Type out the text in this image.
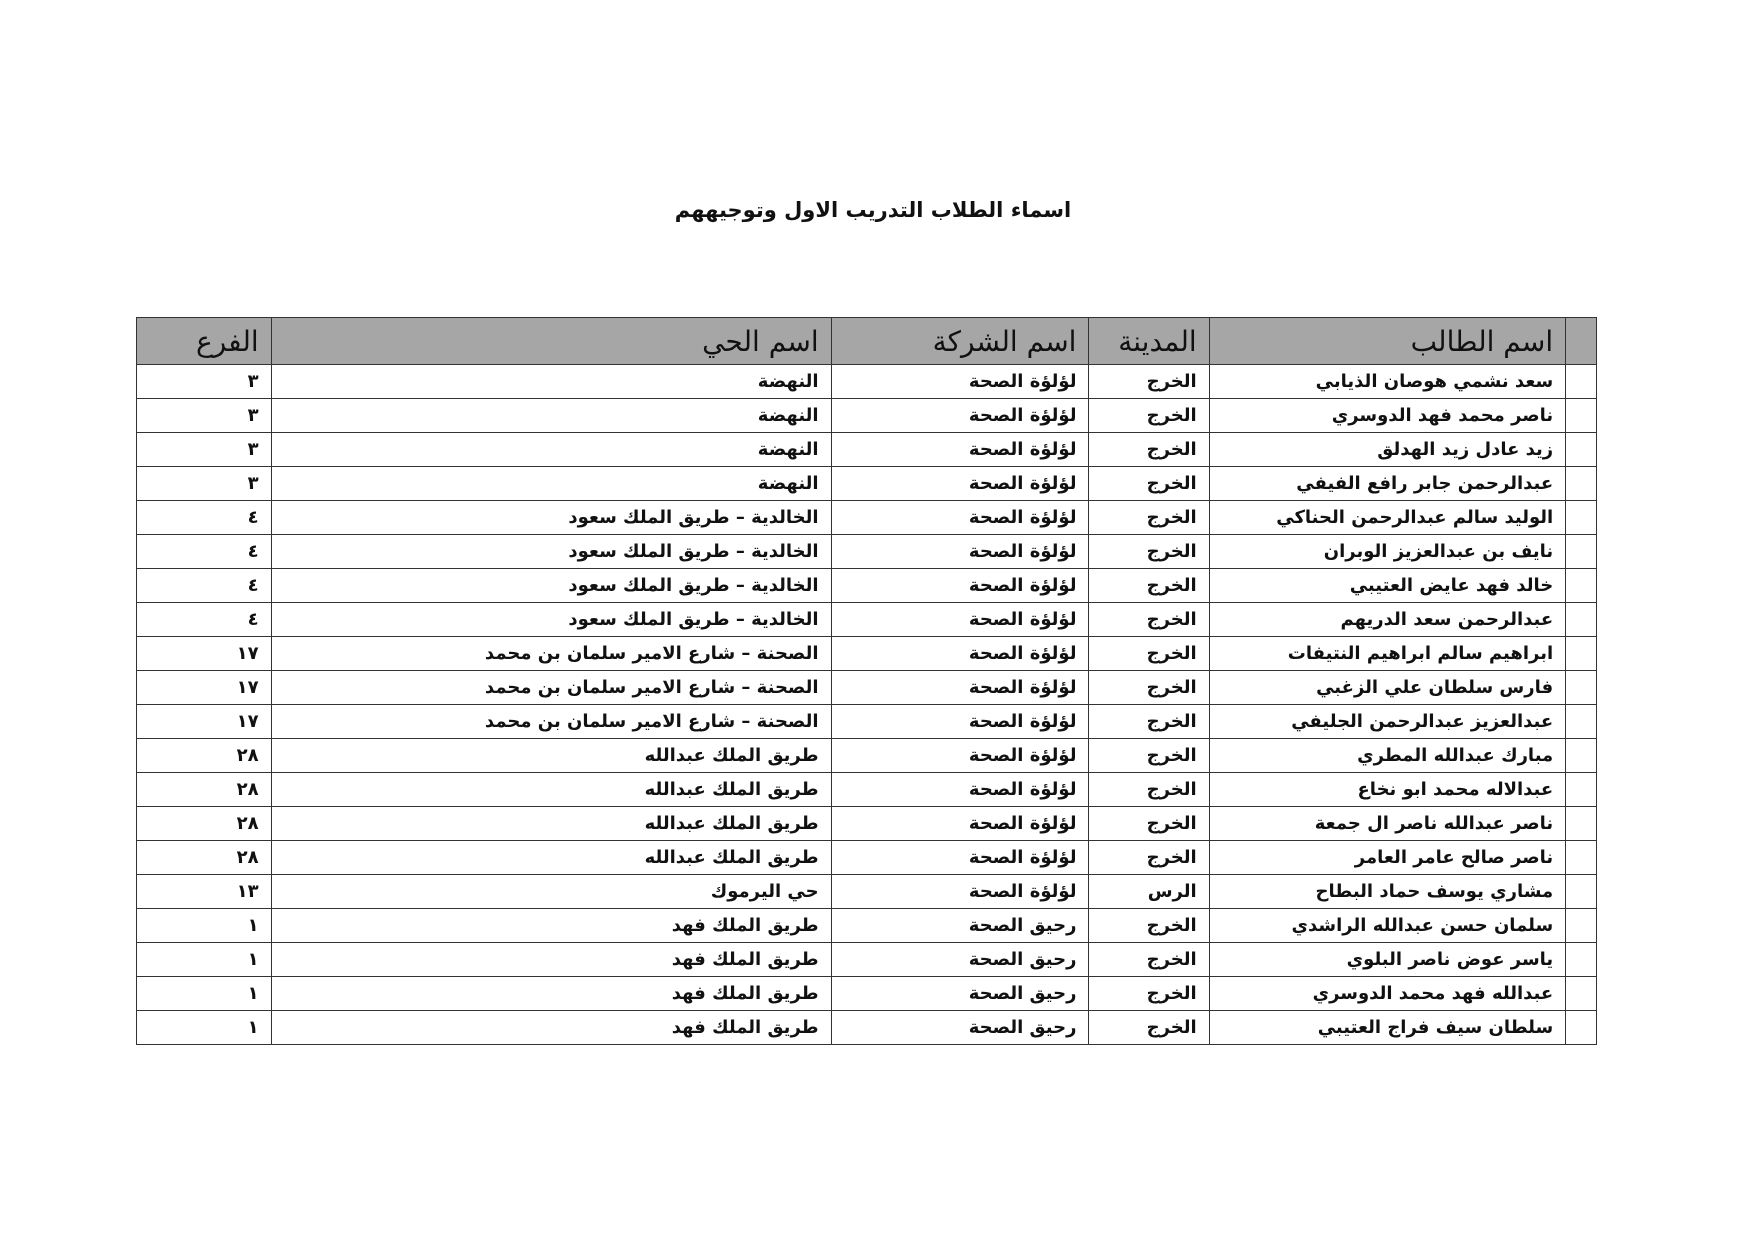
اسماء الطلاب التدريب الاول وتوجيههم
	اسم الطالب	المدينة	اسم الشركة	اسم الحي	الفرع
	سعد نشمي هوصان الذيابي	الخرج	لؤلؤة الصحة	النهضة	٣
	ناصر محمد فهد الدوسري	الخرج	لؤلؤة الصحة	النهضة	٣
	زيد عادل زيد الهدلق	الخرج	لؤلؤة الصحة	النهضة	٣
	عبدالرحمن جابر رافع الفيفي	الخرج	لؤلؤة الصحة	النهضة	٣
	الوليد سالم عبدالرحمن الحناكي	الخرج	لؤلؤة الصحة	الخالدية – طريق الملك سعود	٤
	نايف بن عبدالعزيز الوبران	الخرج	لؤلؤة الصحة	الخالدية – طريق الملك سعود	٤
	خالد فهد عايض العتيبي	الخرج	لؤلؤة الصحة	الخالدية – طريق الملك سعود	٤
	عبدالرحمن سعد الدريهم	الخرج	لؤلؤة الصحة	الخالدية – طريق الملك سعود	٤
	ابراهيم سالم ابراهيم النتيفات	الخرج	لؤلؤة الصحة	الصحنة – شارع الامير سلمان بن محمد	١٧
	فارس سلطان علي الزغبي	الخرج	لؤلؤة الصحة	الصحنة – شارع الامير سلمان بن محمد	١٧
	عبدالعزيز عبدالرحمن الجليفي	الخرج	لؤلؤة الصحة	الصحنة – شارع الامير سلمان بن محمد	١٧
	مبارك عبدالله المطري	الخرج	لؤلؤة الصحة	طريق الملك عبدالله	٢٨
	عبدالاله محمد ابو نخاع	الخرج	لؤلؤة الصحة	طريق الملك عبدالله	٢٨
	ناصر عبدالله ناصر ال جمعة	الخرج	لؤلؤة الصحة	طريق الملك عبدالله	٢٨
	ناصر صالح عامر العامر	الخرج	لؤلؤة الصحة	طريق الملك عبدالله	٢٨
	مشاري يوسف حماد البطاح	الرس	لؤلؤة الصحة	حي اليرموك	١٣
	سلمان حسن عبدالله الراشدي	الخرج	رحيق الصحة	طريق الملك فهد	١
	ياسر عوض ناصر البلوي	الخرج	رحيق الصحة	طريق الملك فهد	١
	عبدالله فهد محمد الدوسري	الخرج	رحيق الصحة	طريق الملك فهد	١
	سلطان سيف فراج العتيبي	الخرج	رحيق الصحة	طريق الملك فهد	١
